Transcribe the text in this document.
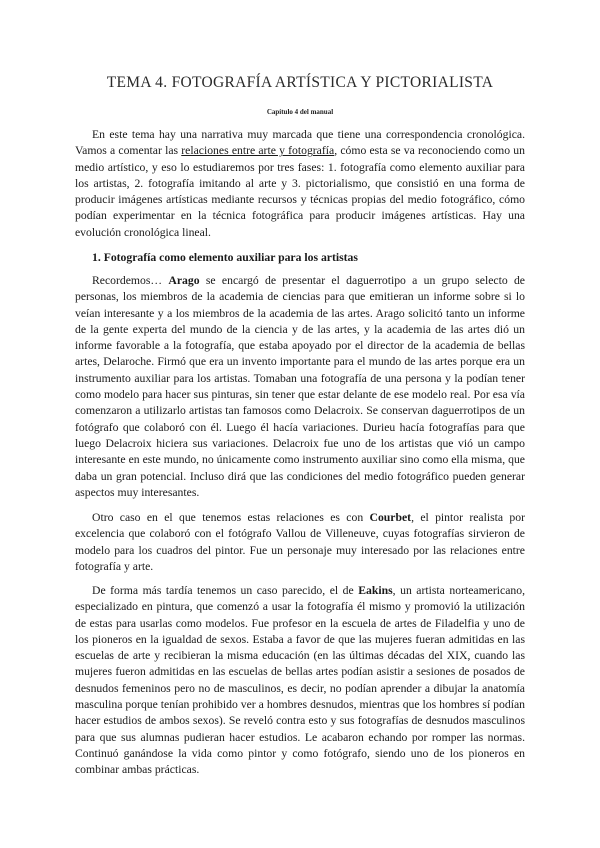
TEMA 4. FOTOGRAFÍA ARTÍSTICA Y PICTORIALISTA
Capítulo 4 del manual

En este tema hay una narrativa muy marcada que tiene una correspondencia cronológica. Vamos a comentar las relaciones entre arte y fotografía, cómo esta se va reconociendo como un medio artístico, y eso lo estudiaremos por tres fases: 1. fotografía como elemento auxiliar para los artistas, 2. fotografía imitando al arte y 3. pictorialismo, que consistió en una forma de producir imágenes artísticas mediante recursos y técnicas propias del medio fotográfico, cómo podían experimentar en la técnica fotográfica para producir imágenes artísticas. Hay una evolución cronológica lineal.

1. Fotografía como elemento auxiliar para los artistas

Recordemos… Arago se encargó de presentar el daguerrotipo a un grupo selecto de personas, los miembros de la academia de ciencias para que emitieran un informe sobre si lo veían interesante y a los miembros de la academia de las artes. Arago solicitó tanto un informe de la gente experta del mundo de la ciencia y de las artes, y la academia de las artes dió un informe favorable a la fotografía, que estaba apoyado por el director de la academia de bellas artes, Delaroche. Firmó que era un invento importante para el mundo de las artes porque era un instrumento auxiliar para los artistas. Tomaban una fotografía de una persona y la podían tener como modelo para hacer sus pinturas, sin tener que estar delante de ese modelo real. Por esa vía comenzaron a utilizarlo artistas tan famosos como Delacroix. Se conservan daguerrotipos de un fotógrafo que colaboró con él. Luego él hacía variaciones. Durieu hacía fotografías para que luego Delacroix hiciera sus variaciones. Delacroix fue uno de los artistas que vió un campo interesante en este mundo, no únicamente como instrumento auxiliar sino como ella misma, que daba un gran potencial. Incluso dirá que las condiciones del medio fotográfico pueden generar aspectos muy interesantes.

Otro caso en el que tenemos estas relaciones es con Courbet, el pintor realista por excelencia que colaboró con el fotógrafo Vallou de Villeneuve, cuyas fotografías sirvieron de modelo para los cuadros del pintor. Fue un personaje muy interesado por las relaciones entre fotografía y arte.

De forma más tardía tenemos un caso parecido, el de Eakins, un artista norteamericano, especializado en pintura, que comenzó a usar la fotografía él mismo y promovió la utilización de estas para usarlas como modelos. Fue profesor en la escuela de artes de Filadelfia y uno de los pioneros en la igualdad de sexos. Estaba a favor de que las mujeres fueran admitidas en las escuelas de arte y recibieran la misma educación (en las últimas décadas del XIX, cuando las mujeres fueron admitidas en las escuelas de bellas artes podían asistir a sesiones de posados de desnudos femeninos pero no de masculinos, es decir, no podían aprender a dibujar la anatomía masculina porque tenían prohibido ver a hombres desnudos, mientras que los hombres sí podían hacer estudios de ambos sexos). Se reveló contra esto y sus fotografías de desnudos masculinos para que sus alumnas pudieran hacer estudios. Le acabaron echando por romper las normas. Continuó ganándose la vida como pintor y como fotógrafo, siendo uno de los pioneros en combinar ambas prácticas.
